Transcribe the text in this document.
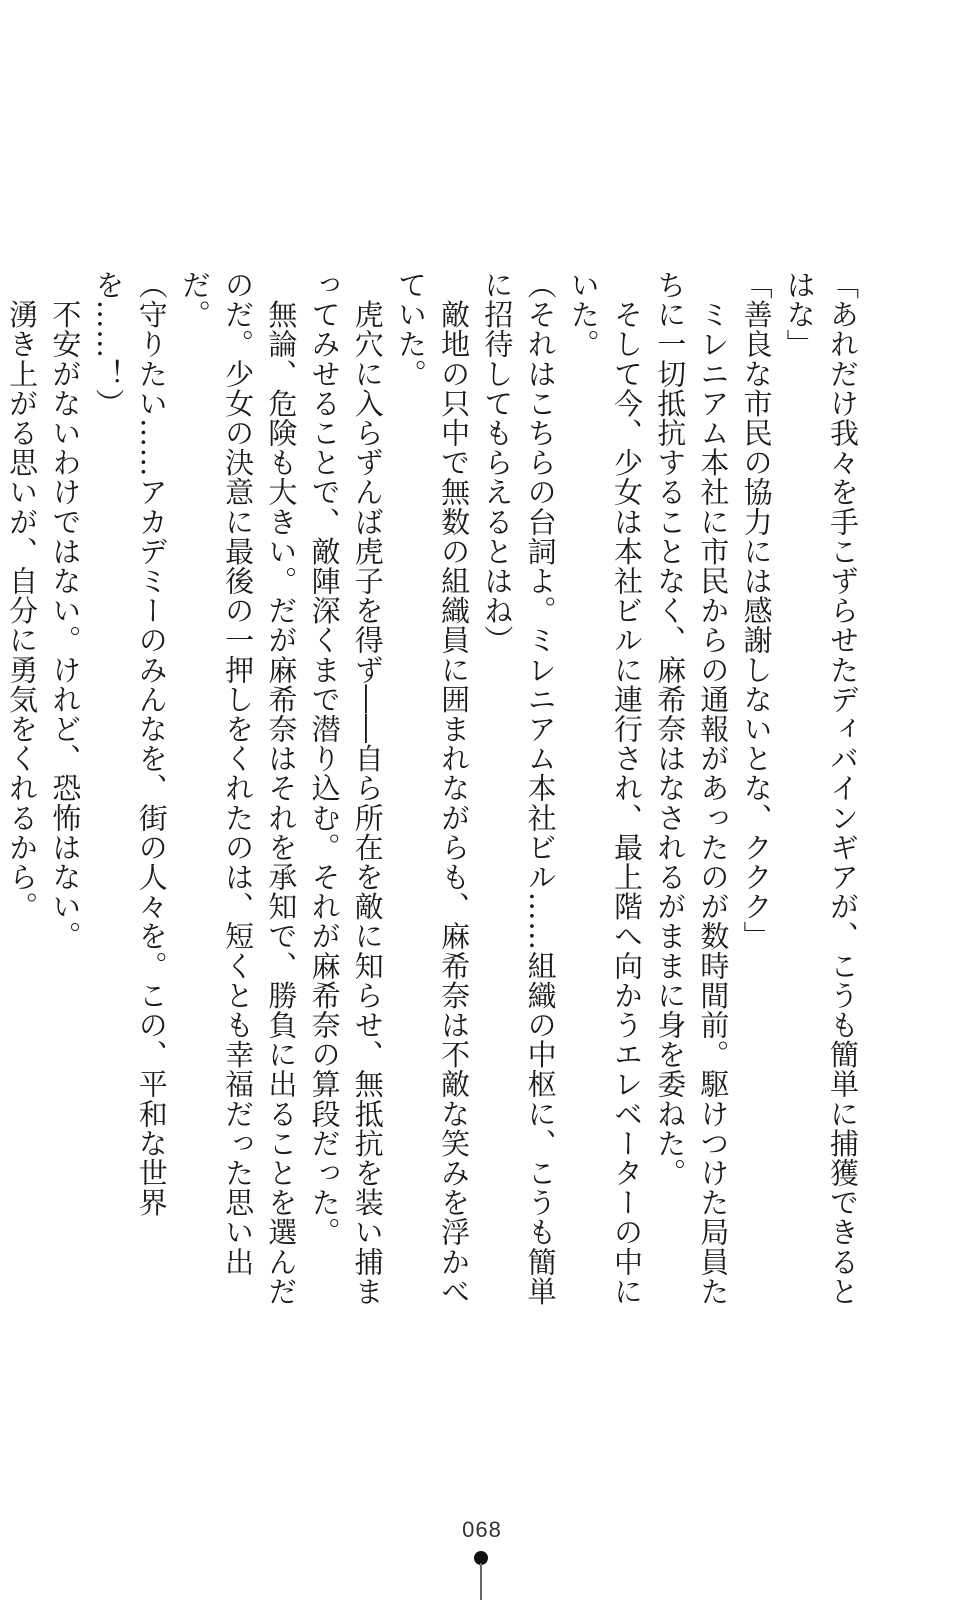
「あれだけ我々を手こずらせたディバインギアが、こうも簡単に捕獲できるとはな」

「善良な市民の協力には感謝しないとな、ククク」

　ミレニアム本社に市民からの通報があったのが数時間前。駆けつけた局員たちに一切抵抗することなく、麻希奈はなされるがままに身を委ねた。

　そして今、少女は本社ビルに連行され、最上階へ向かうエレベーターの中にいた。

（それはこちらの台詞よ。ミレニアム本社ビル……組織の中枢に、こうも簡単に招待してもらえるとはね）

　敵地の只中で無数の組織員に囲まれながらも、麻希奈は不敵な笑みを浮かべていた。

　虎穴に入らずんば虎子を得ず――自ら所在を敵に知らせ、無抵抗を装い捕まってみせることで、敵陣深くまで潜り込む。それが麻希奈の算段だった。

　無論、危険も大きい。だが麻希奈はそれを承知で、勝負に出ることを選んだのだ。少女の決意に最後の一押しをくれたのは、短くとも幸福だった思い出だ。

（守りたい……アカデミーのみんなを、街の人々を。この、平和な世界を……！）

　不安がないわけではない。けれど、恐怖はない。

　湧き上がる思いが、自分に勇気をくれるから。

068
